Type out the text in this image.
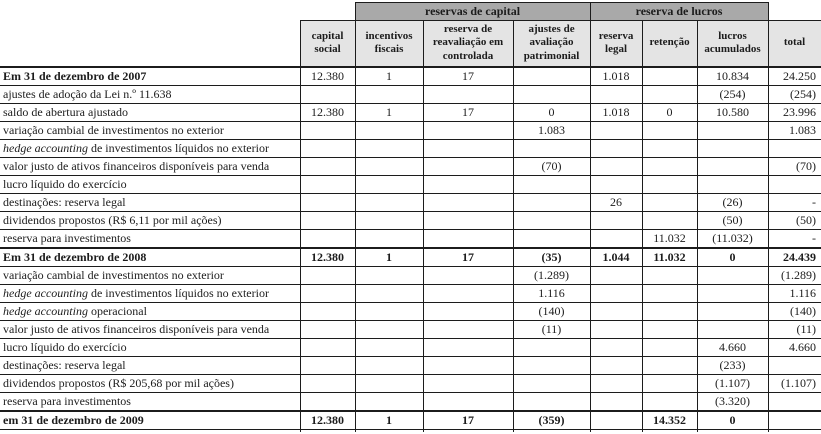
		reservas de capital			reserva de lucros			
	capital social	incentivos fiscais	reserva de reavaliação em controlada	ajustes de avaliação patrimonial	reserva legal	retenção	lucros acumulados	total
Em 31 de dezembro de 2007	12.380	1	17		1.018		10.834	24.250
ajustes de adoção da Lei n.º 11.638							(254)	(254)
saldo de abertura ajustado	12.380	1	17	0	1.018	0	10.580	23.996
variação cambial de investimentos no exterior				1.083				1.083
hedge accounting de investimentos líquidos no exterior								
valor justo de ativos financeiros disponíveis para venda				(70)				(70)
lucro líquido do exercício								
destinações: reserva legal					26		(26)	-
dividendos propostos (R$ 6,11 por mil ações)							(50)	(50)
reserva para investimentos						11.032	(11.032)	-
Em 31 de dezembro de 2008	12.380	1	17	(35)	1.044	11.032	0	24.439
variação cambial de investimentos no exterior				(1.289)				(1.289)
hedge accounting de investimentos líquidos no exterior				1.116				1.116
hedge accounting operacional				(140)				(140)
valor justo de ativos financeiros disponíveis para venda				(11)				(11)
lucro líquido do exercício							4.660	4.660
destinações: reserva legal							(233)	
dividendos propostos (R$ 205,68 por mil ações)							(1.107)	(1.107)
reserva para investimentos							(3.320)	
em 31 de dezembro de 2009	12.380	1	17	(359)		14.352	0	
